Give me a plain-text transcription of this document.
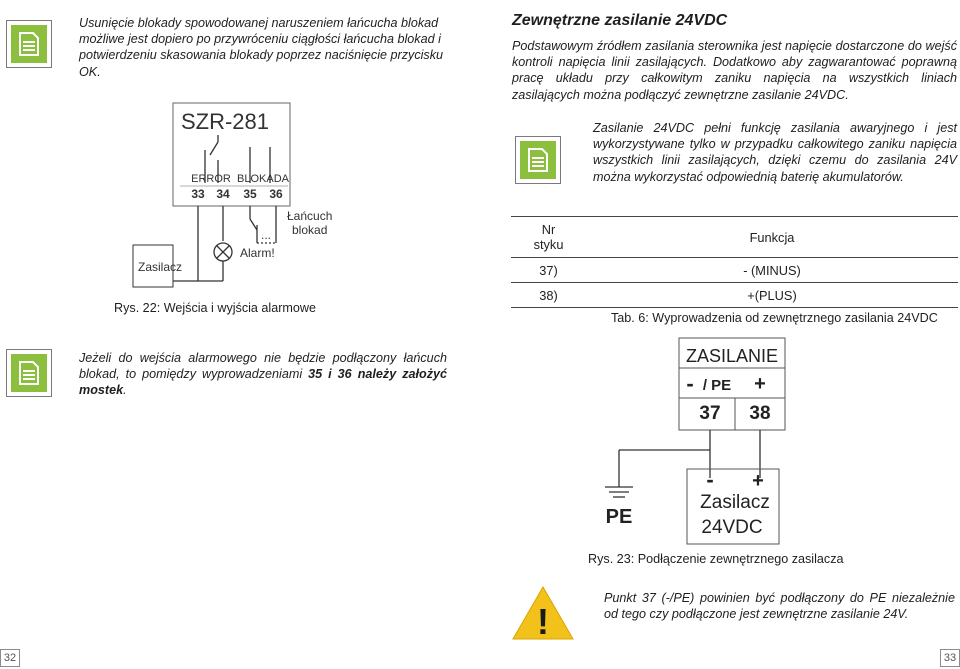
Usunięcie blokady spowodowanej naruszeniem łańcucha blokad możliwe jest dopiero po przywróceniu ciągłości łańcucha blokad i potwierdzeniu skasowania blokady poprzez naciśnięcie przycisku OK.
SZR-281
ERROR BLOKADA
33 34 35 36
Zasilacz
Alarm!
...
Łańcuch
blokad
Rys. 22: Wejścia i wyjścia alarmowe
Jeżeli do wejścia alarmowego nie będzie podłączony łańcuch blokad, to pomiędzy wyprowadzeniami 35 i 36 należy założyć mostek.
Zewnętrzne zasilanie 24VDC
Podstawowym źródłem zasilania sterownika jest napięcie dostarczone do wejść kontroli napięcia linii zasilających. Dodatkowo aby zagwarantować poprawną pracę układu przy całkowitym zaniku napięcia na wszystkich liniach zasilających można podłączyć zewnętrzne zasilanie 24VDC.
Zasilanie 24VDC pełni funkcję zasilania awaryjnego i jest wykorzystywane tylko w przypadku całkowitego zaniku napięcia wszystkich linii zasilających, dzięki czemu do zasilania 24V można wykorzystać odpowiednią baterię akumulatorów.
Nr
styku	Funkcja
37)	- (MINUS)
38)	+(PLUS)
Tab. 6: Wyprowadzenia od zewnętrznego zasilania 24VDC
ZASILANIE
- / PE +
37 38
PE
- +
Zasilacz
24VDC
Rys. 23: Podłączenie zewnętrznego zasilacza
!
Punkt 37 (-/PE) powinien być podłączony do PE niezależnie od tego czy podłączone jest zewnętrzne zasilanie 24V.
32	33
